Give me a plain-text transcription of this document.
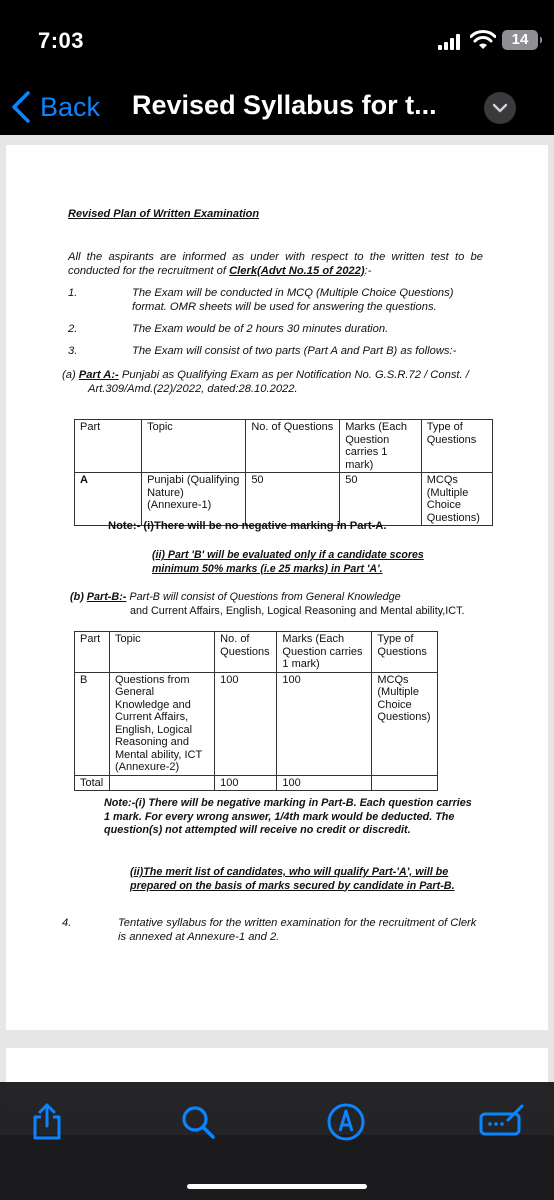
7:03	14
Back Revised Syllabus for t...
Revised Plan of Written Examination
All the aspirants are informed as under with respect to the written test to be conducted for the recruitment of Clerk(Advt No.15 of 2022):-
1.	The Exam will be conducted in MCQ (Multiple Choice Questions) format. OMR sheets will be used for answering the questions.
2.	The Exam would be of 2 hours 30 minutes duration.
3.	The Exam will consist of two parts (Part A and Part B) as follows:-
(a) Part A:- Punjabi as Qualifying Exam as per Notification No. G.S.R.72 / Const. /
Art.309/Amd.(22)/2022, dated:28.10.2022.
Part	Topic	No. of Questions	Marks (Each Question carries 1 mark)	Type of Questions
A	Punjabi (Qualifying Nature) (Annexure-1)	50	50	MCQs (Multiple Choice Questions)
Note:- (i)There will be no negative marking in Part-A.
(ii) Part 'B' will be evaluated only if a candidate scores minimum 50% marks (i.e 25 marks) in Part 'A'.
(b) Part-B:- Part-B will consist of Questions from General Knowledge
and Current Affairs, English, Logical Reasoning and Mental ability,ICT.
Part	Topic	No. of Questions	Marks (Each Question carries 1 mark)	Type of Questions
B	Questions from General Knowledge and Current Affairs, English, Logical Reasoning and Mental ability, ICT (Annexure-2)	100	100	MCQs (Multiple Choice Questions)
Total		100	100	
Note:-(i) There will be negative marking in Part-B. Each question carries 1 mark. For every wrong answer, 1/4th mark would be deducted. The question(s) not attempted will receive no credit or discredit.
(ii)The merit list of candidates, who will qualify Part-'A', will be prepared on the basis of marks secured by candidate in Part-B.
4.	Tentative syllabus for the written examination for the recruitment of Clerk is annexed at Annexure-1 and 2.
